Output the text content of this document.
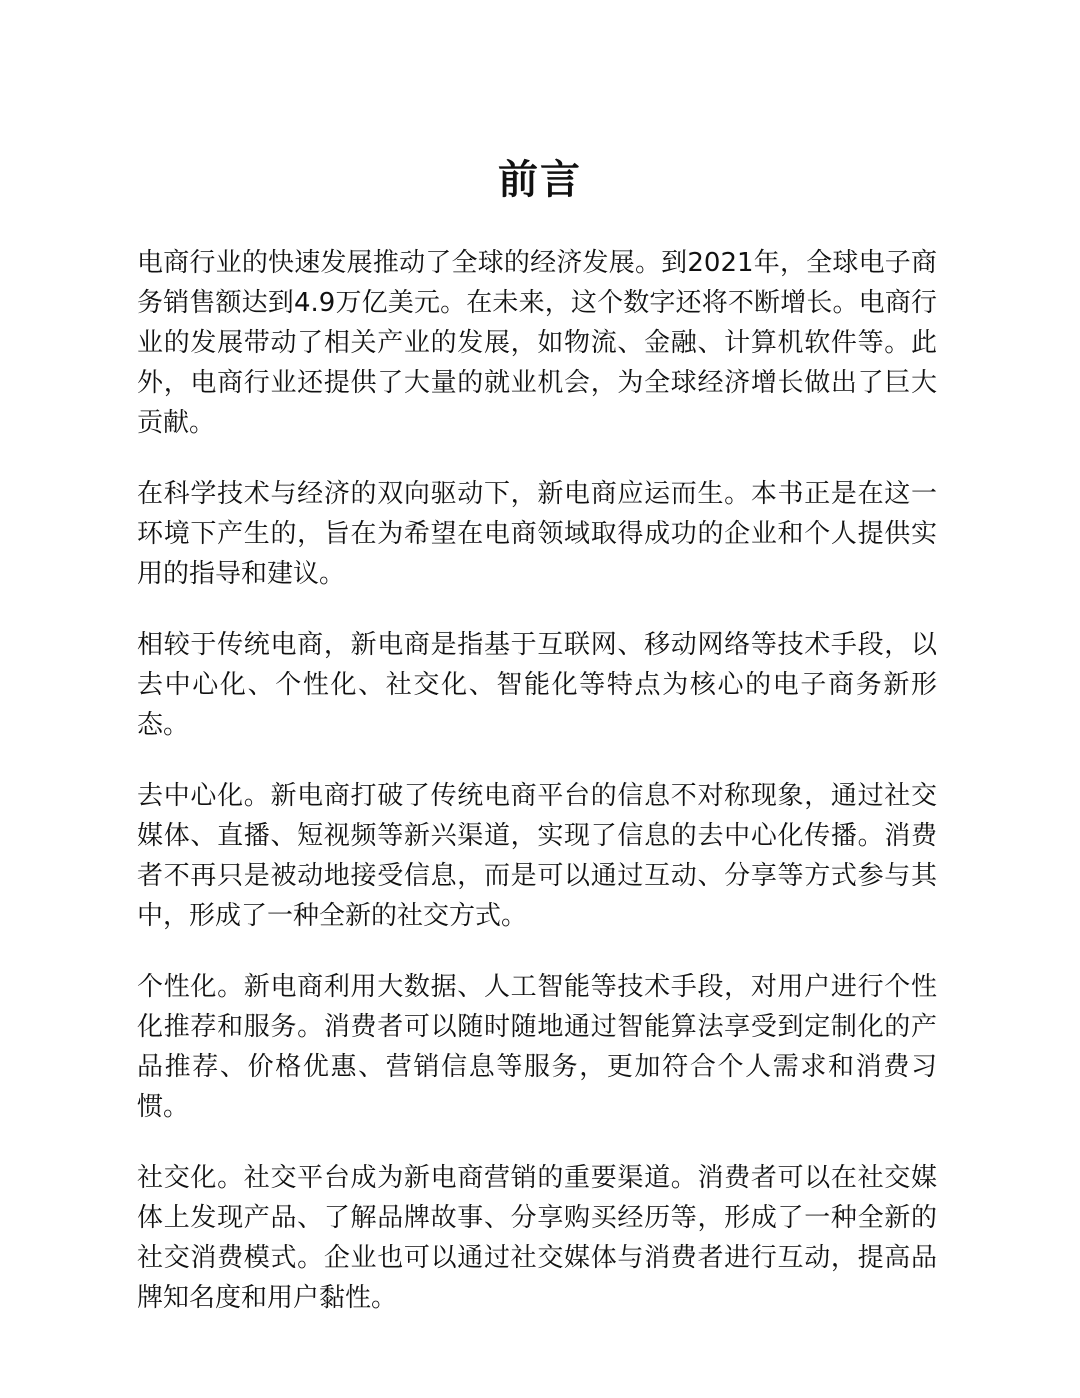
前言

电商行业的快速发展推动了全球的经济发展。到2021年，全球电子商务销售额达到4.9万亿美元。在未来，这个数字还将不断增长。电商行业的发展带动了相关产业的发展，如物流、金融、计算机软件等。此外，电商行业还提供了大量的就业机会，为全球经济增长做出了巨大贡献。

在科学技术与经济的双向驱动下，新电商应运而生。本书正是在这一环境下产生的，旨在为希望在电商领域取得成功的企业和个人提供实用的指导和建议。

相较于传统电商，新电商是指基于互联网、移动网络等技术手段，以去中心化、个性化、社交化、智能化等特点为核心的电子商务新形态。

去中心化。新电商打破了传统电商平台的信息不对称现象，通过社交媒体、直播、短视频等新兴渠道，实现了信息的去中心化传播。消费者不再只是被动地接受信息，而是可以通过互动、分享等方式参与其中，形成了一种全新的社交方式。

个性化。新电商利用大数据、人工智能等技术手段，对用户进行个性化推荐和服务。消费者可以随时随地通过智能算法享受到定制化的产品推荐、价格优惠、营销信息等服务，更加符合个人需求和消费习惯。

社交化。社交平台成为新电商营销的重要渠道。消费者可以在社交媒体上发现产品、了解品牌故事、分享购买经历等，形成了一种全新的社交消费模式。企业也可以通过社交媒体与消费者进行互动，提高品牌知名度和用户黏性。
